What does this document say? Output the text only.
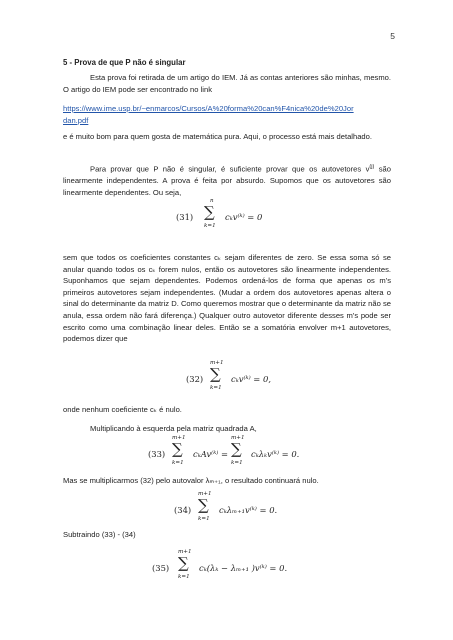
5
5 - Prova de que P não é singular
Esta prova foi retirada de um artigo do IEM. Já as contas anteriores são minhas, mesmo. O artigo do IEM pode ser encontrado no link
https://www.ime.usp.br/~enmarcos/Cursos/A%20forma%20can%F4nica%20de%20Jor
dan.pdf
e é muito bom para quem gosta de matemática pura. Aqui, o processo está mais detalhado.
Para provar que P não é singular, é suficiente provar que os autovetores $v^{(j)}$ são linearmente independentes. A prova é feita por absurdo. Supomos que os autovetores são linearmente dependentes. Ou seja,
(31)
n
∑
k=1
cₖv⁽ᵏ⁾ = 0
sem que todos os coeficientes constantes cₖ sejam diferentes de zero. Se essa soma só se anular quando todos os cₖ forem nulos, então os autovetores são linearmente independentes. Suponhamos que sejam dependentes. Podemos ordená-los de forma que apenas os m's primeiros autovetores sejam independentes. (Mudar a ordem dos autovetores apenas altera o sinal do determinante da matriz D. Como queremos mostrar que o determinante da matriz não se anula, essa ordem não fará diferença.) Qualquer outro autovetor diferente desses m's pode ser escrito como uma combinação linear deles. Então se a somatória envolver m+1 autovetores, podemos dizer que
(32)
m+1
∑
k=1
cₖv⁽ᵏ⁾ = 0,
onde nenhum coeficiente cₖ é nulo.
Multiplicando à esquerda pela matriz quadrada A,
(33)
m+1
∑
k=1
cₖAv⁽ᵏ⁾ =
m+1
∑
k=1
cₖλₖv⁽ᵏ⁾ = 0.
Mas se multiplicarmos (32) pelo autovalor λₘ₊₁, o resultado continuará nulo.
(34)
m+1
∑
k=1
cₖλₘ₊₁v⁽ᵏ⁾ = 0.
Subtraindo (33) - (34)
(35)
m+1
∑
k=1
cₖ(λₖ − λₘ₊₁ )v⁽ᵏ⁾ = 0.
